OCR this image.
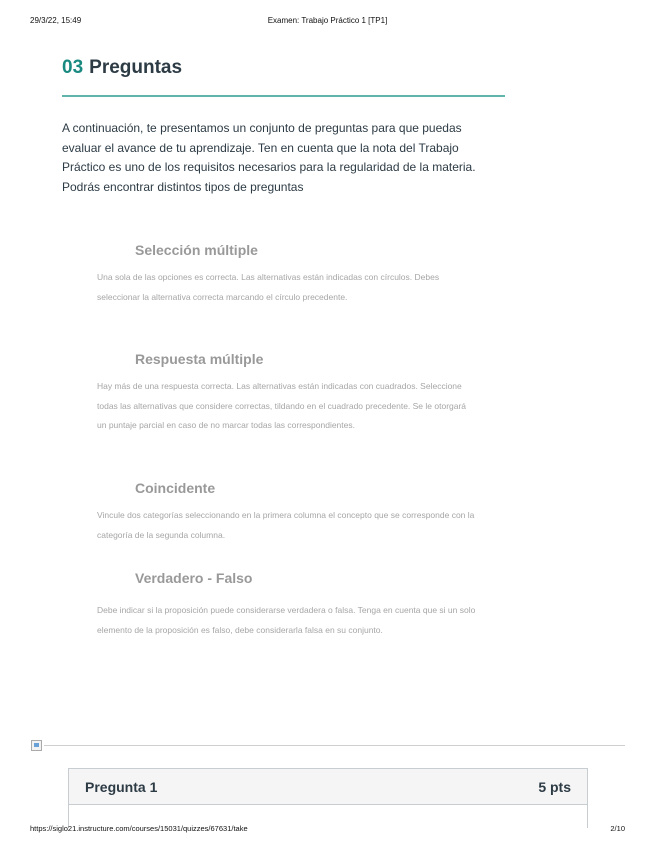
29/3/22, 15:49	Examen: Trabajo Práctico 1 [TP1]
03 Preguntas

A continuación, te presentamos un conjunto de preguntas para que puedas evaluar el avance de tu aprendizaje. Ten en cuenta que la nota del Trabajo Práctico es uno de los requisitos necesarios para la regularidad de la materia. Podrás encontrar distintos tipos de preguntas

Selección múltiple

Una sola de las opciones es correcta. Las alternativas están indicadas con círculos. Debes seleccionar la alternativa correcta marcando el círculo precedente.

Respuesta múltiple

Hay más de una respuesta correcta. Las alternativas están indicadas con cuadrados. Seleccione todas las alternativas que considere correctas, tildando en el cuadrado precedente. Se le otorgará un puntaje parcial en caso de no marcar todas las correspondientes.

Coincidente

Vincule dos categorías seleccionando en la primera columna el concepto que se corresponde con la categoría de la segunda columna.

Verdadero - Falso

Debe indicar si la proposición puede considerarse verdadera o falsa. Tenga en cuenta que si un solo elemento de la proposición es falso, debe considerarla falsa en su conjunto.

Pregunta 1	5 pts
https://siglo21.instructure.com/courses/15031/quizzes/67631/take	2/10
